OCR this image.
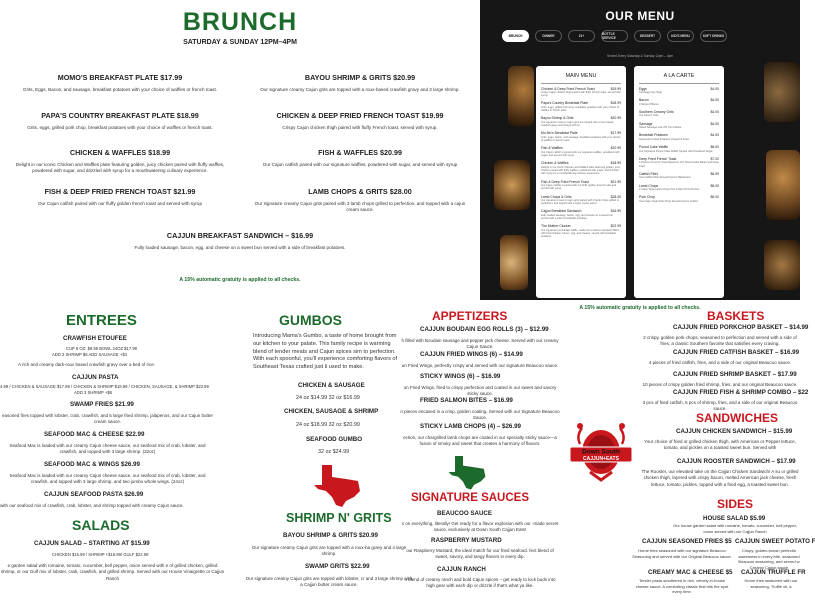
BRUNCH
SATURDAY & SUNDAY 12PM–4PM
MOMO'S BREAKFAST PLATE $17.99
Grits, Eggs, Bacon, and sausage, breakfast potatoes with your choice of waffles or french toast.
BAYOU SHRIMP & GRITS $20.99
Our signature creamy Cajun grits are topped with a roux-based crawfish gravy and 3 large shrimp.
PAPA'S COUNTRY BREAKFAST PLATE $18.99
Grits, eggs, grilled pork chop, breakfast potatoes with your choice of waffles or french toast.
CHICKEN & DEEP FRIED FRENCH TOAST $19.99
Crispy Cajun chicken thigh paired with fluffy French toast, served with syrup.
CHICKEN & WAFFLES $18.99
Delight in our iconic Chicken and Waffles plate featuring golden, juicy chicken paired with fluffy waffles, powdered with sugar, and drizzled with syrup for a mouthwatering culinary experience.
FISH & WAFFLES $20.99
Our Cajun catfish paired with our signature waffles, powdered with sugar, and served with syrup
FISH & DEEP FRIED FRENCH TOAST $21.99
Our Cajun catfish paired with our fluffy golden french toast and served with syrup
LAMB CHOPS & GRITS $28.00
Our signature creamy Cajun grits paired with 3 lamb chops grilled to perfection, and topped with a cajun cream sauce.
CAJJUN BREAKFAST SANDWICH – $16.99
Fully loaded sausage, bacon, egg, and cheese on a sweet bun served with a side of breakfast potatoes.
A 15% automatic gratuity is applied to all checks.
OUR MENU
BRUNCH	DINNER	21+	BOTTLE SERVICE	DESSERT	KID'S MENU	SOFT DRINKS
Served Every Saturday & Sunday 12pm – 4pm
MAIN MENU
Chicken & Deep Fried French Toast	$19.99
Crispy Cajun chicken thigh paired with fluffy French toast, served with syrup.
Papa's Country Breakfast Plate	$18.99
Grits, eggs, grilled pork chop, breakfast potatoes with your choice of waffles or french toast.
Bayou Shrimp & Grits	$20.99
Our signature creamy Cajun grits are topped with a roux-based crawfish gravy and 3 large shrimp.
Mo Mo's Breakfast Plate	$17.99
Grits, eggs, bacon, and sausage, breakfast potatoes with your choice of waffles or french toast.
Fish & Waffles	$20.99
Our Cajun catfish is paired with our signature waffles, powdered with sugar, and served with syrup.
Chicken & Waffles	$18.99
Delight in our iconic Chicken and Waffles plate featuring golden, juicy chicken paired with fluffy waffles, powdered with sugar, and drizzled with syrup for a mouthwatering culinary experience.
Fish & Deep Fried French Toast	$21.99
Our Cajun catfish is paired with our fluffy golden French toast and served with syrup.
Lamb Chops & Grits	$28.00
Our signature creamy Cajun grits paired with 3 lamb chops grilled to perfection, and topped with a cajun cream sauce.
Cajjun Breakfast Sandwich	$16.99
Fully loaded sausage, bacon, egg, and cheese on a sweet bun served with a side of breakfast potatoes.
The Mother Clucker	$22.99
Our signature poundcake waffle, made into a deluxe sandwich filled with fried chicken, bacon, egg, and cheese, served with breakfast potatoes.
A LA CARTE
Eggs	$4.00
Two Eggs Any Style
Bacon	$4.00
3 Strips of Bacon
Southern Creamy Grits	$4.00
Our Savory Grits
Sausage	$4.00
Sliced Sausage Link OR Two Patties
Breakfast Potatoes	$4.00
Seasoned Cubed Potatoes Crisped & Fried
Pound Cake Waffle	$6.00
Our Signature Pound Cake Waffle Topped with Powdered Sugar
Deep Fried French Toast	$7.00
4 Pieces of French Toast Dipped in Our Pound Cake Batter and Deep Fried
Catfish Fillet	$6.99
One Catfish Fillet Served Fried or Blackened
Lamb Chops	$8.00
2 Cajun Style Lamb Chops Pan Grilled To Perfection
Pork Chop	$6.00
One Cajun Style Pork Chop Served Fried or Grilled
A 15% automatic gratuity is applied to all checks.
ENTREES
CRAWFISH ETOUFEE
CUP 8 OZ: $9.99 BOWL 24OZ $17.99
ADD 3 SHRIMP $6 ADD SAUSAGE +$4
A rich and creamy dark-roux based crawfish gravy over a bed of rice.
CAJJUN PASTA
4.99 / CHICKEN & SAUSAGE $17.99 / CHICKEN & SHRIMP $19.99 / CHICKEN, SAUSAGE, & SHRIMP $23.99
ADD 3 SHRIMP +$6
SWAMP FRIES $21.99
easoned fries topped with lobster, crab, crawfish, and 5 large fried shrimp, jalapenos, and our Cajun butter cream sauce.
SEAFOOD MAC & CHEESE $22.99
Seafood Mac is loaded with our creamy Cajun cheese sauce, our seafood mix of crab, lobster, and crawfish, and topped with 3 large shrimp. (32oz)
SEAFOOD MAC & WINGS $26.99
Seafood Mac is loaded with our creamy Cajun cheese sauce, our seafood mix of crab, lobster, and crawfish, and topped with 3 large shrimp, and two jumbo whole wings. (24oz)
CAJJUN SEAFOOD PASTA $26.99
with our seafood mix of crawfish, crab, lobster, and shrimp topped with creamy Cajun sauce.
SALADS
CAJJUN SALAD – STARTING AT $15.99
CHICKEN $15.99 / SHRIMP +$18.99/ GULF $22.99
e garden salad with romaine, tomato, cucumber, bell pepper, onion served with e of grilled chicken, grilled shrimp, or our Gulf mix of lobster, crab, crawfish, and grilled shrimp. Served with our House Vinaigrette or Cajjun Ranch
GUMBOS
Introducing Mama's Gumbo, a taste of home brought from our kitchen to your palate. This family recipe is warming blend of tender meats and Cajun spices sim to perfection. With each spoonful, you'll experience comforting flavors of Southeast Texas crafted just li used to make.
CHICKEN & SAUSAGE
24 oz $14.99 32 oz $16.99
CHICKEN, SAUSAGE & SHRIMP
24 oz $18.99 32 oz $20.99
SEAFOOD GUMBO
32 oz $24.99
SHRIMP N' GRITS
BAYOU SHRIMP & GRITS $20.99
Our signature creamy Cajun grits are topped with a roux-ba gravy and 4 large shrimp.
SWAMP GRITS $22.99
Our signature creamy Cajun grits are topped with lobster, cr and 3 large shrimp with a Cajjun butter cream sauce.
APPETIZERS
CAJJUN BOUDAIN EGG ROLLS (3) – $12.99
h filled with Boudain sausage and pepper jack cheese. Served with our creamy Cajun Sauce.
CAJJUN FRIED WINGS (6) – $14.99
un Fried Wings, perfectly crispy and served with our signature Beaucoo sauce.
STICKY WINGS (6) – $16.99
un Fried Wings, fried to crispy perfection and coated in our sweet and savory sticky sauce.
FRIED SALMON BITES – $16.99
n pieces encased in a crisp, golden coating. Served with our Signature Beaucoo Sauce.
STICKY LAMB CHOPS (4) – $26.99
ection, our chargrilled lamb chops are coated in our specialty sticky sauce—a fusion of smoky and sweet that creates a harmony of flavors.
SIGNATURE SAUCES
BEAUCOO SAUCE
s on everything, literally! Get ready for a flavor explosion with our -made secret sauce, exclusively at Down South Cajjun Eats!
RASPBERRY MUSTARD
our Raspberry Mustard, the ideal match for our fried seafood. fect blend of sweet, savory, and tangy flavors in every dip.
CAJJUN RANCH
n blend of creamy ranch and bold Cajun spices – get ready to kick buds into high gear with each dip or drizzle if that's what ya like.
Down South
CAJJUN+EATS
BASKETS
CAJJUN FRIED PORKCHOP BASKET – $14.99
2 crispy, golden pork chops, seasoned to perfection and served with a side of fries, a classic Southern favorite that satisfies every craving.
CAJJUN FRIED CATFISH BASKET – $16.99
4 pieces of fried catfish, fries, and a side of our original Beaucoo sauce.
CAJJUN FRIED SHRIMP BASKET – $17.99
10 pieces of crispy golden fried shrimp, fries, and our original Beaucoo sauce.
CAJJUN FRIED FISH & SHRIMP COMBO – $22
3 pcs of fried catfish, 5 pcs of shrimp, fries, and a side of our original Beaucoo sauce.
SANDWICHES
CAJJUN CHICKEN SANDWICH – $15.99
Your choice of fried or grilled chicken thigh, with American or Pepper lettuce, tomato, and pickles on a toasted sweet bun. Served with
CAJJUN ROOSTER SANDWICH – $17.99
The Rooster, our elevated take on the Cajjun Chicken Sandwich! A su or grilled chicken thigh, layered with crispy bacon, melted American jack cheese, fresh lettuce, tomato, pickles, topped with a fried egg, a toasted sweet bun.
SIDES
HOUSE SALAD $5.99
Our house garden salad with romaine, tomato, cucumber, bell pepper, onion served with our Cajjun Ranch
CAJJUN SEASONED FRIES $5
Home fries seasoned with our signature Beaucoo Seasoning and served with our Original Beaucoo sauce.
CAJJUN SWEET POTATO F
Crispy, golden-brown perfectio sweetness in every bite, seasoned Beaucoo seasoning, and served w Creamy Cajjun sauce
CREAMY MAC & CHEESE $5
Tender pasta smothered in rich, velvety in-house cheese sauce. A comforting classic that hits the spot every time.
CAJJUN TRUFFLE FR
Home fries seasoned with our seasoning, Truffle oil, a
